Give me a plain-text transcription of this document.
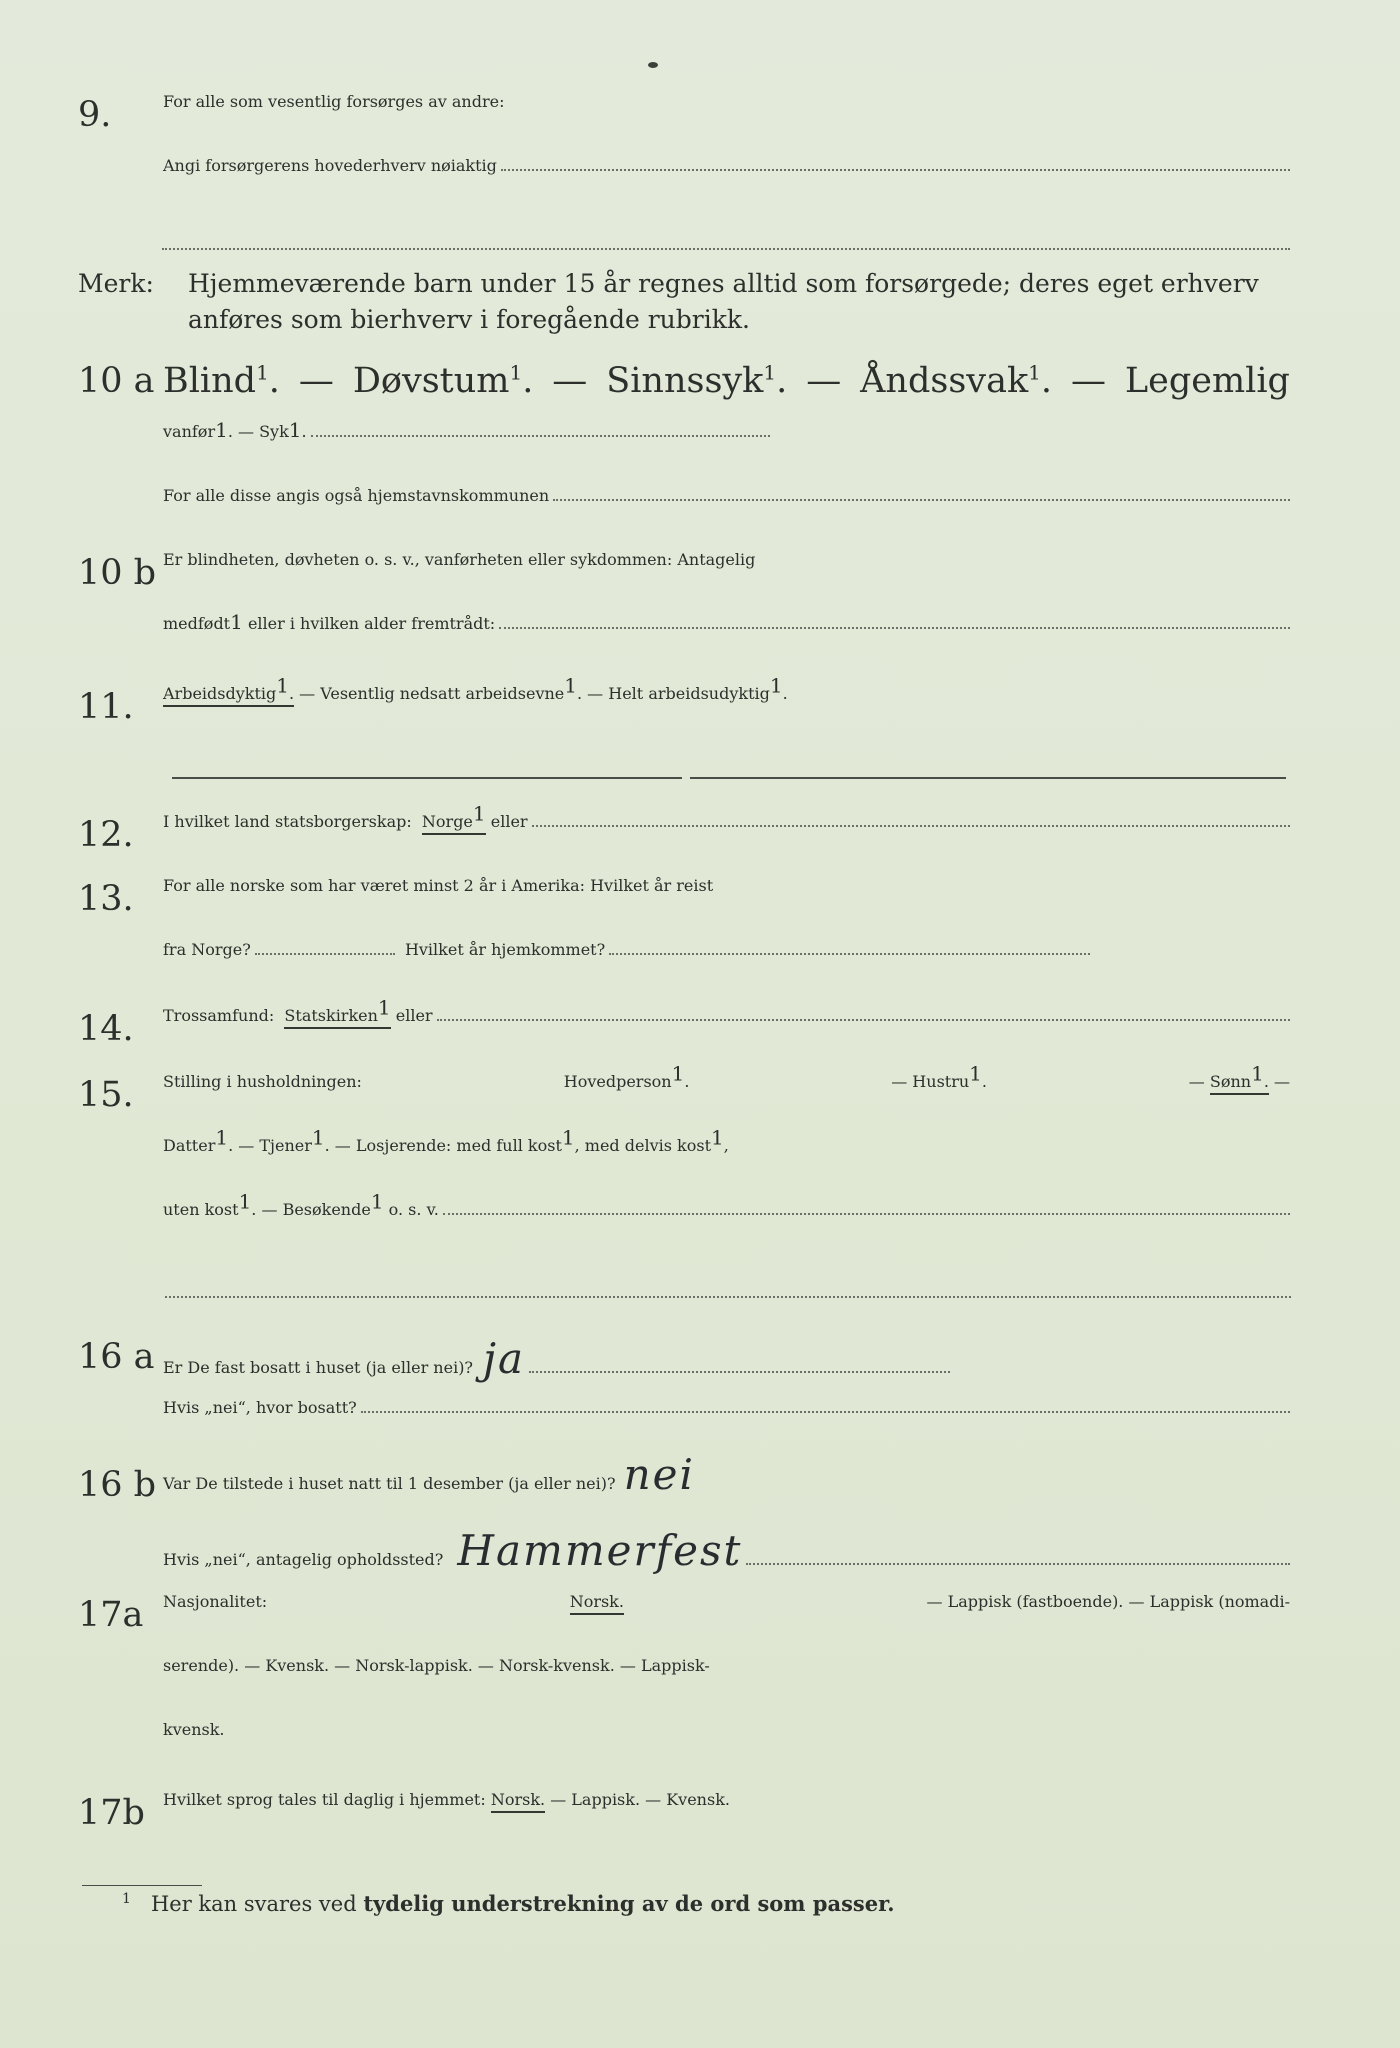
9.	For alle som vesentlig forsørges av andre:
Angi forsørgerens hovederhverv nøiaktig
Merk: Hjemmeværende barn under 15 år regnes alltid som forsørgede; deres eget erhverv
anføres som bierhverv i foregående rubrikk.
10 a Blind$^1$. — Døvstum$^1$. — Sinnssyk$^1$. — Åndssvak$^1$. — Legemlig
vanfør 1 . — Syk 1 .
For alle disse angis også hjemstavnskommunen
10 b Er blindheten, døvheten o. s. v., vanførheten eller sykdommen: Antagelig
medfødt 1
eller i hvilken alder fremtrådt:
11. Arbeidsdyktig1.
— Vesentlig nedsatt arbeidsevne1.
— Helt arbeidsudyktig1.
12. I hvilket land statsborgerskap:
Norge1
eller
13. For alle norske som har været minst 2 år i Amerika: Hvilket år reist
fra Norge?
	Hvilket år hjemkommet?
14. Trossamfund:
Statskirken1
eller
15. Stilling i husholdningen:	Hovedperson1.	— Hustru1.	— Sønn1. —
Datter1.
— Tjener1.
— Losjerende: med full kost1 , med delvis kost1,
uten kost1.
— Besøkende1
o. s. v.
16 a Er De fast bosatt i huset (ja eller nei)? ja
Hvis „nei“, hvor bosatt?
16 b Var De tilstede i huset natt til 1 desember (ja eller nei)? nei
Hvis „nei“, antagelig opholdssted? Hammerfest
17a Nasjonalitet:	Norsk.	— Lappisk (fastboende). — Lappisk (nomadi-
serende). — Kvensk. — Norsk-lappisk. — Norsk-kvensk. — Lappisk-
kvensk.
17b Hvilket sprog tales til daglig i hjemmet:
Norsk.
— Lappisk. — Kvensk.
$^1$ Her kan svares ved tydelig understrekning av de ord som passer.
